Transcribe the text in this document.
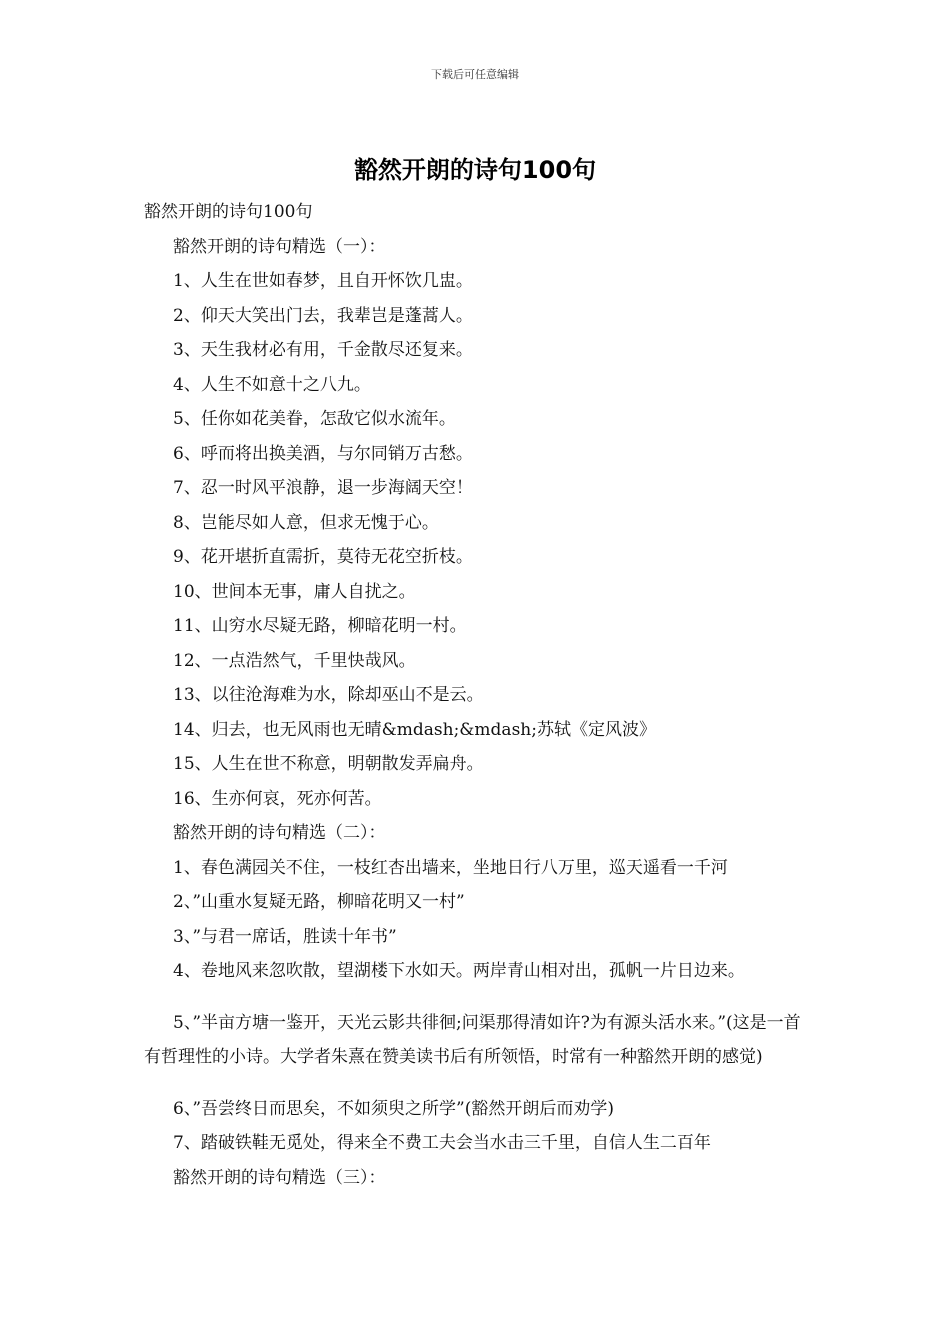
下载后可任意编辑
豁然开朗的诗句100句

豁然开朗的诗句100句

豁然开朗的诗句精选（一）：

1、人生在世如春梦，且自开怀饮几盅。

2、仰天大笑出门去，我辈岂是蓬蒿人。

3、天生我材必有用，千金散尽还复来。

4、人生不如意十之八九。

5、任你如花美眷，怎敌它似水流年。

6、呼而将出换美酒，与尔同销万古愁。

7、忍一时风平浪静，退一步海阔天空！

8、岂能尽如人意，但求无愧于心。

9、花开堪折直需折，莫待无花空折枝。

10、世间本无事，庸人自扰之。

11、山穷水尽疑无路，柳暗花明一村。

12、一点浩然气，千里快哉风。

13、以往沧海难为水，除却巫山不是云。

14、归去，也无风雨也无晴&mdash;&mdash;苏轼《定风波》

15、人生在世不称意，明朝散发弄扁舟。

16、生亦何哀，死亦何苦。

豁然开朗的诗句精选（二）：

1、春色满园关不住，一枝红杏出墙来，坐地日行八万里，巡天遥看一千河

2、”山重水复疑无路，柳暗花明又一村”

3、”与君一席话，胜读十年书”

4、卷地风来忽吹散，望湖楼下水如天。两岸青山相对出，孤帆一片日边来。

5、”半亩方塘一鉴开，天光云影共徘徊;问渠那得清如许?为有源头活水来。”(这是一首有哲理性的小诗。大学者朱熹在赞美读书后有所领悟，时常有一种豁然开朗的感觉)

6、”吾尝终日而思矣，不如须臾之所学”(豁然开朗后而劝学)

7、踏破铁鞋无觅处，得来全不费工夫会当水击三千里，自信人生二百年

豁然开朗的诗句精选（三）：
